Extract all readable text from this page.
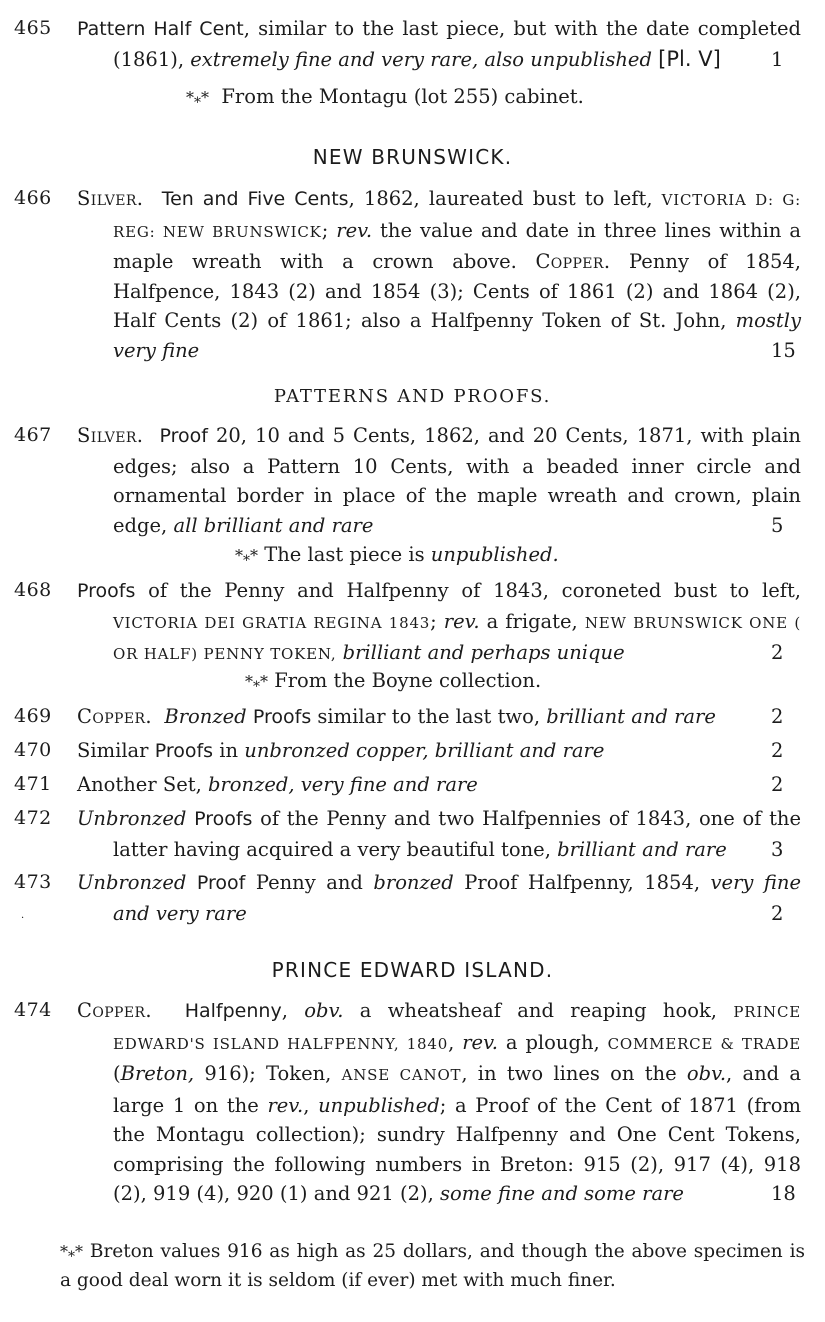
465	Pattern Half Cent, similar to the last piece, but with the date completed (1861), extremely fine and very rare, also unpublished [Pl. V]	1
$*_**$ From the Montagu (lot 255) cabinet.
NEW BRUNSWICK.
466	Silver. Ten and Five Cents, 1862, laureated bust to left, VICTORIA D: G: REG: NEW BRUNSWICK; rev. the value and date in three lines within a maple wreath with a crown above. Copper. Penny of 1854, Halfpence, 1843 (2) and 1854 (3); Cents of 1861 (2) and 1864 (2), Half Cents (2) of 1861; also a Halfpenny Token of St. John, mostly very fine	15
PATTERNS AND PROOFS.
467	Silver. Proof 20, 10 and 5 Cents, 1862, and 20 Cents, 1871, with plain edges; also a Pattern 10 Cents, with a beaded inner circle and ornamental border in place of the maple wreath and crown, plain edge, all brilliant and rare	5
$*_**$ The last piece is unpublished.
468	Proofs of the Penny and Halfpenny of 1843, coroneted bust to left, VICTORIA DEI GRATIA REGINA 1843; rev. a frigate, NEW BRUNSWICK ONE ( OR HALF) PENNY TOKEN, brilliant and perhaps unique	2
$*_**$ From the Boyne collection.
469	Copper. Bronzed Proofs similar to the last two, brilliant and rare	2
470	Similar Proofs in unbronzed copper, brilliant and rare	2
471	Another Set, bronzed, very fine and rare	2
472	Unbronzed Proofs of the Penny and two Halfpennies of 1843, one of the latter having acquired a very beautiful tone, brilliant and rare 3
473	Unbronzed Proof Penny and bronzed Proof Halfpenny, 1854, very fine and very rare	2
·
PRINCE EDWARD ISLAND.
474	Copper. Halfpenny, obv. a wheatsheaf and reaping hook, PRINCE EDWARD'S ISLAND HALFPENNY, 1840, rev. a plough, COMMERCE & TRADE (Breton, 916); Token, ANSE CANOT, in two lines on the obv., and a large 1 on the rev., unpublished; a Proof of the Cent of 1871 (from the Montagu collection); sundry Halfpenny and One Cent Tokens, comprising the following numbers in Breton: 915 (2), 917 (4), 918 (2), 919 (4), 920 (1) and 921 (2), some fine and some rare	18
$*_**$ Breton values 916 as high as 25 dollars, and though the above specimen is a good deal worn it is seldom (if ever) met with much finer.
